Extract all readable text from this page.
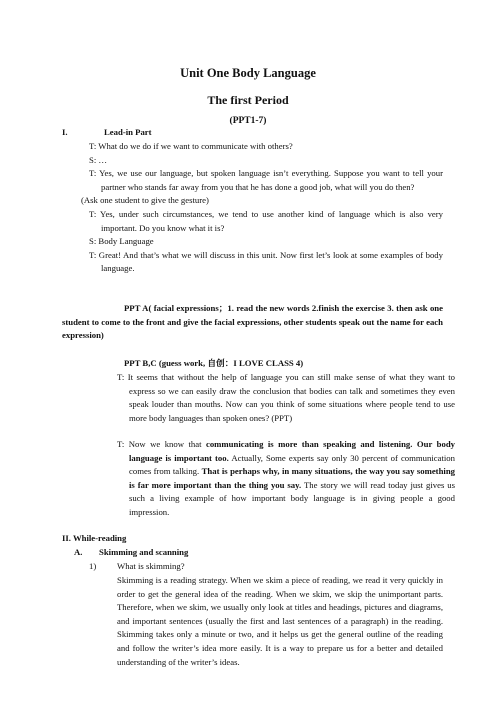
Unit One Body Language
The first Period
(PPT1-7)
I.	Lead-in Part

T: What do we do if we want to communicate with others?

S: …

T: Yes, we use our language, but spoken language isn’t everything. Suppose you want to tell your partner who stands far away from you that he has done a good job, what will you do then?

(Ask one student to give the gesture)

T: Yes, under such circumstances, we tend to use another kind of language which is also very important. Do you know what it is?

S: Body Language

T: Great! And that’s what we will discuss in this unit. Now first let’s look at some examples of body language.

PPT A( facial expressions；1. read the new words 2.finish the exercise 3. then ask one student to come to the front and give the facial expressions, other students speak out the name for each expression)
PPT B,C (guess work, 自创：I LOVE CLASS 4)
T: It seems that without the help of language you can still make sense of what they want to express so we can easily draw the conclusion that bodies can talk and sometimes they even speak louder than mouths. Now can you think of some situations where people tend to use more body languages than spoken ones? (PPT)
T: Now we know that communicating is more than speaking and listening. Our body language is important too. Actually, Some experts say only 30 percent of communication comes from talking. That is perhaps why, in many situations, the way you say something is far more important than the thing you say. The story we will read today just gives us such a living example of how important body language is in giving people a good impression.
II. While-reading
A. Skimming and scanning
1) What is skimming?
Skimming is a reading strategy. When we skim a piece of reading, we read it very quickly in order to get the general idea of the reading. When we skim, we skip the unimportant parts. Therefore, when we skim, we usually only look at titles and headings, pictures and diagrams, and important sentences (usually the first and last sentences of a paragraph) in the reading. Skimming takes only a minute or two, and it helps us get the general outline of the reading and follow the writer’s idea more easily. It is a way to prepare us for a better and detailed understanding of the writer’s ideas.
